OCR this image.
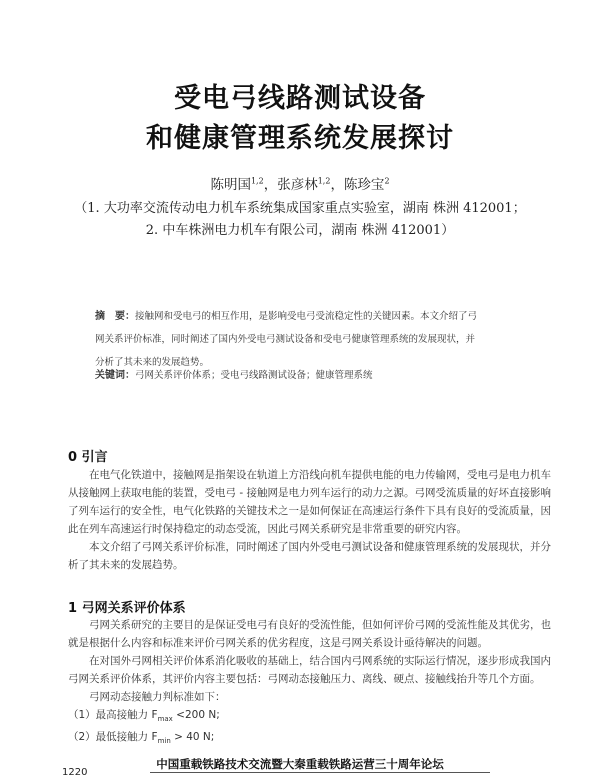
受电弓线路测试设备
和健康管理系统发展探讨
陈明国$^{1,2}$，张彦林$^{1,2}$，陈珍宝$^2$
（1. 大功率交流传动电力机车系统集成国家重点实验室，湖南 株洲 412001；
2. 中车株洲电力机车有限公司，湖南 株洲 412001）
摘　要：接触网和受电弓的相互作用，是影响受电弓受流稳定性的关键因素。本文介绍了弓
网关系评价标准，同时阐述了国内外受电弓测试设备和受电弓健康管理系统的发展现状，并
分析了其未来的发展趋势。
关键词：弓网关系评价体系；受电弓线路测试设备；健康管理系统
0 引言
在电气化铁道中，接触网是指架设在轨道上方沿线向机车提供电能的电力传输网，受电弓是电力机车
从接触网上获取电能的装置，受电弓 - 接触网是电力列车运行的动力之源。弓网受流质量的好坏直接影响
了列车运行的安全性，电气化铁路的关键技术之一是如何保证在高速运行条件下具有良好的受流质量，因
此在列车高速运行时保持稳定的动态受流，因此弓网关系研究是非常重要的研究内容。
本文介绍了弓网关系评价标准，同时阐述了国内外受电弓测试设备和健康管理系统的发展现状，并分
析了其未来的发展趋势。
1 弓网关系评价体系
弓网关系研究的主要目的是保证受电弓有良好的受流性能，但如何评价弓网的受流性能及其优劣，也
就是根据什么内容和标准来评价弓网关系的优劣程度，这是弓网关系设计亟待解决的问题。
在对国外弓网相关评价体系消化吸收的基础上，结合国内弓网系统的实际运行情况，逐步形成我国内
弓网关系评价体系，其评价内容主要包括：弓网动态接触压力、离线、硬点、接触线抬升等几个方面。
弓网动态接触力判标准如下：
（1）最高接触力 $F_{max} <200$ N;
（2）最低接触力 $F_{min} > 40$ N;
中国重载铁路技术交流暨大秦重载铁路运营三十周年论坛
1220
